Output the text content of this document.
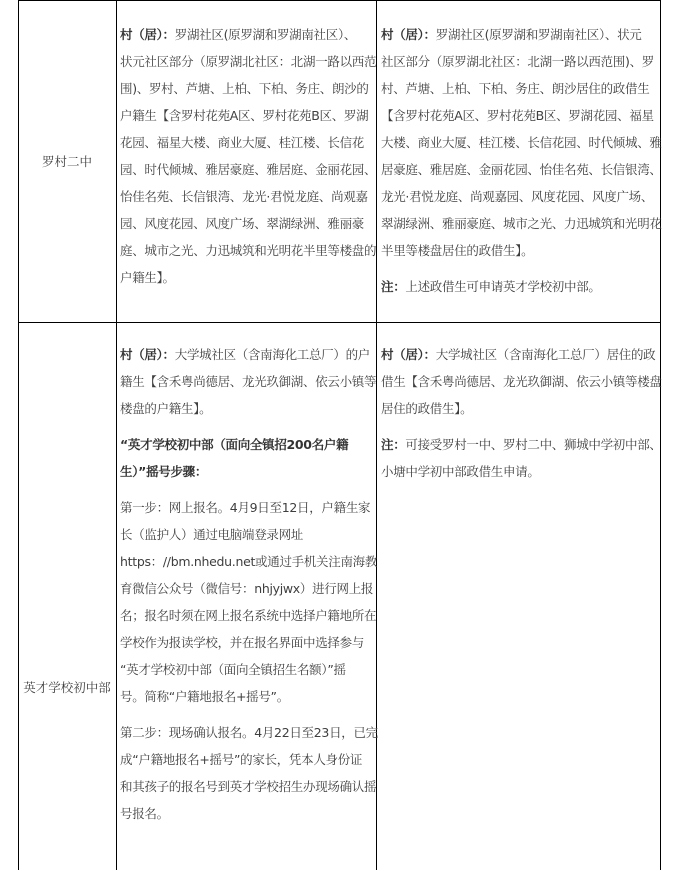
罗村二中
村（居）：罗湖社区(原罗湖和罗湖南社区）、
状元社区部分（原罗湖北社区：北湖一路以西范
围)、罗村、芦塘、上柏、下柏、务庄、朗沙的
户籍生【含罗村花苑A区、罗村花苑B区、罗湖
花园、福星大楼、商业大厦、桂江楼、长信花
园、时代倾城、雅居豪庭、雅居庭、金丽花园、
怡佳名苑、长信银湾、龙光·君悦龙庭、尚观嘉
园、风度花园、风度广场、翠湖绿洲、雅丽豪
庭、城市之光、力迅城筑和光明花半里等楼盘的
户籍生】。
村（居）：罗湖社区(原罗湖和罗湖南社区）、状元
社区部分（原罗湖北社区：北湖一路以西范围)、罗
村、芦塘、上柏、下柏、务庄、朗沙居住的政借生
【含罗村花苑A区、罗村花苑B区、罗湖花园、福星
大楼、商业大厦、桂江楼、长信花园、时代倾城、雅
居豪庭、雅居庭、金丽花园、怡佳名苑、长信银湾、
龙光·君悦龙庭、尚观嘉园、风度花园、风度广场、
翠湖绿洲、雅丽豪庭、城市之光、力迅城筑和光明花
半里等楼盘居住的政借生】。
注：上述政借生可申请英才学校初中部。
英才学校初中部
村（居）：大学城社区（含南海化工总厂）的户
籍生【含禾粤尚德居、龙光玖御湖、依云小镇等
楼盘的户籍生】。
“英才学校初中部（面向全镇招200名户籍
生）”摇号步骤：
第一步：网上报名。4月9日至12日，户籍生家
长（监护人）通过电脑端登录网址
https：//bm.nhedu.net或通过手机关注南海教
育微信公众号（微信号：nhjyjwx）进行网上报
名；报名时须在网上报名系统中选择户籍地所在
学校作为报读学校，并在报名界面中选择参与
“英才学校初中部（面向全镇招生名额）”摇
号。简称“户籍地报名+摇号”。
第二步：现场确认报名。4月22日至23日，已完
成“户籍地报名+摇号”的家长，凭本人身份证
和其孩子的报名号到英才学校招生办现场确认摇
号报名。
村（居）：大学城社区（含南海化工总厂）居住的政
借生【含禾粤尚德居、龙光玖御湖、依云小镇等楼盘
居住的政借生】。
注：可接受罗村一中、罗村二中、狮城中学初中部、
小塘中学初中部政借生申请。
